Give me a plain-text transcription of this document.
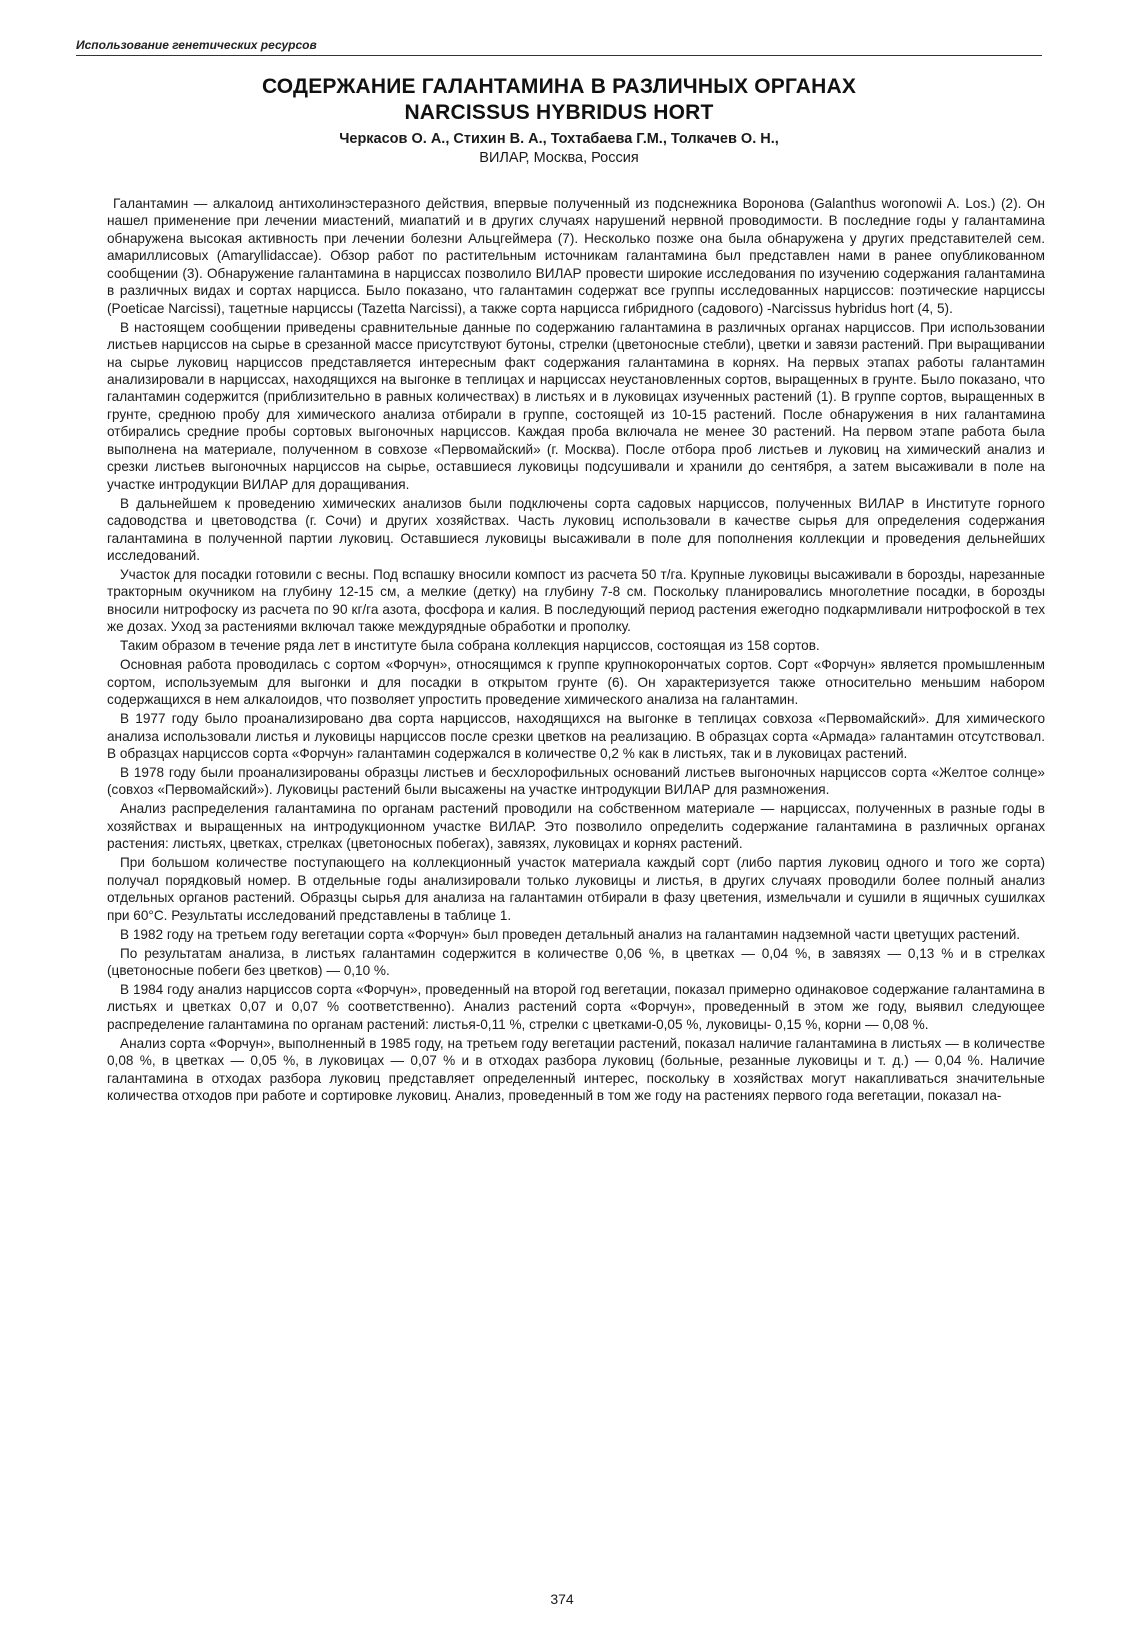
Использование генетических ресурсов
СОДЕРЖАНИЕ ГАЛАНТАМИНА В РАЗЛИЧНЫХ ОРГАНАХ
NARCISSUS HYBRIDUS HORT
Черкасов О. А., Стихин В. А., Тохтабаева Г.М., Толкачев О. Н.,
ВИЛАР, Москва, Россия

Галантамин — алкалоид антихолинэстеразного действия, впервые полученный из подснежника Воронова (Galanthus woronowii A. Los.) (2). Он нашел применение при лечении миастений, миапатий и в других случаях нарушений нервной проводимости. В последние годы у галантамина обнаружена высокая активность при лечении болезни Альцгеймера (7). Несколько позже она была обнаружена у других представителей сем. амариллисовых (Amaryllidaccae). Обзор работ по растительным источникам галантамина был представлен нами в ранее опубликованном сообщении (3). Обнаружение галантамина в нарциссах позволило ВИЛАР провести широкие исследования по изучению содержания галантамина в различных видах и сортах нарцисса. Было показано, что галантамин содержат все группы исследованных нарциссов: поэтические нарциссы (Poeticae Narcissi), тацетные нарциссы (Tazetta Narcissi), а также сорта нарцисса гибридного (садового) -Narcissus hybridus hort (4, 5).

В настоящем сообщении приведены сравнительные данные по содержанию галантамина в различных органах нарциссов. При использовании листьев нарциссов на сырье в срезанной массе присутствуют бутоны, стрелки (цветоносные стебли), цветки и завязи растений. При выращивании на сырье луковиц нарциссов представляется интересным факт содержания галантамина в корнях. На первых этапах работы галантамин анализировали в нарциссах, находящихся на выгонке в теплицах и нарциссах неустановленных сортов, выращенных в грунте. Было показано, что галантамин содержится (приблизительно в равных количествах) в листьях и в луковицах изученных растений (1). В группе сортов, выращенных в грунте, среднюю пробу для химического анализа отбирали в группе, состоящей из 10-15 растений. После обнаружения в них галантамина отбирались средние пробы сортовых выгоночных нарциссов. Каждая проба включала не менее 30 растений. На первом этапе работа была выполнена на материале, полученном в совхозе «Первомайский» (г. Москва). После отбора проб листьев и луковиц на химический анализ и срезки листьев выгоночных нарциссов на сырье, оставшиеся луковицы подсушивали и хранили до сентября, а затем высаживали в поле на участке интродукции ВИЛАР для доращивания.

В дальнейшем к проведению химических анализов были подключены сорта садовых нарциссов, полученных ВИЛАР в Институте горного садоводства и цветоводства (г. Сочи) и других хозяйствах. Часть луковиц использовали в качестве сырья для определения содержания галантамина в полученной партии луковиц. Оставшиеся луковицы высаживали в поле для пополнения коллекции и проведения дельнейших исследований.

Участок для посадки готовили с весны. Под вспашку вносили компост из расчета 50 т/га. Крупные луковицы высаживали в борозды, нарезанные тракторным окучником на глубину 12-15 см, а мелкие (детку) на глубину 7-8 см. Поскольку планировались многолетние посадки, в борозды вносили нитрофоску из расчета по 90 кг/га азота, фосфора и калия. В последующий период растения ежегодно подкармливали нитрофоской в тех же дозах. Уход за растениями включал также междурядные обработки и прополку.

Таким образом в течение ряда лет в институте была собрана коллекция нарциссов, состоящая из 158 сортов.

Основная работа проводилась с сортом «Форчун», относящимся к группе крупнокорончатых сортов. Сорт «Форчун» является промышленным сортом, используемым для выгонки и для посадки в открытом грунте (6). Он характеризуется также относительно меньшим набором содержащихся в нем алкалоидов, что позволяет упростить проведение химического анализа на галантамин.

В 1977 году было проанализировано два сорта нарциссов, находящихся на выгонке в теплицах совхоза «Первомайский». Для химического анализа использовали листья и луковицы нарциссов после срезки цветков на реализацию. В образцах сорта «Армада» галантамин отсутствовал. В образцах нарциссов сорта «Форчун» галантамин содержался в количестве 0,2 % как в листьях, так и в луковицах растений.

В 1978 году были проанализированы образцы листьев и бесхлорофильных оснований листьев выгоночных нарциссов сорта «Желтое солнце» (совхоз «Первомайский»). Луковицы растений были высажены на участке интродукции ВИЛАР для размножения.

Анализ распределения галантамина по органам растений проводили на собственном материале — нарциссах, полученных в разные годы в хозяйствах и выращенных на интродукционном участке ВИЛАР. Это позволило определить содержание галантамина в различных органах растения: листьях, цветках, стрелках (цветоносных побегах), завязях, луковицах и корнях растений.

При большом количестве поступающего на коллекционный участок материала каждый сорт (либо партия луковиц одного и того же сорта) получал порядковый номер. В отдельные годы анализировали только луковицы и листья, в других случаях проводили более полный анализ отдельных органов растений. Образцы сырья для анализа на галантамин отбирали в фазу цветения, измельчали и сушили в ящичных сушилках при 60°С. Результаты исследований представлены в таблице 1.

В 1982 году на третьем году вегетации сорта «Форчун» был проведен детальный анализ на галантамин надземной части цветущих растений.

По результатам анализа, в листьях галантамин содержится в количестве 0,06 %, в цветках — 0,04 %, в завязях — 0,13 % и в стрелках (цветоносные побеги без цветков) — 0,10 %.

В 1984 году анализ нарциссов сорта «Форчун», проведенный на второй год вегетации, показал примерно одинаковое содержание галантамина в листьях и цветках 0,07 и 0,07 % соответственно). Анализ растений сорта «Форчун», проведенный в этом же году, выявил следующее распределение галантамина по органам растений: листья-0,11 %, стрелки с цветками-0,05 %, луковицы- 0,15 %, корни — 0,08 %.

Анализ сорта «Форчун», выполненный в 1985 году, на третьем году вегетации растений, показал наличие галантамина в листьях — в количестве 0,08 %, в цветках — 0,05 %, в луковицах — 0,07 % и в отходах разбора луковиц (больные, резанные луковицы и т. д.) — 0,04 %. Наличие галантамина в отходах разбора луковиц представляет определенный интерес, поскольку в хозяйствах могут накапливаться значительные количества отходов при работе и сортировке луковиц. Анализ, проведенный в том же году на растениях первого года вегетации, показал на-

374
